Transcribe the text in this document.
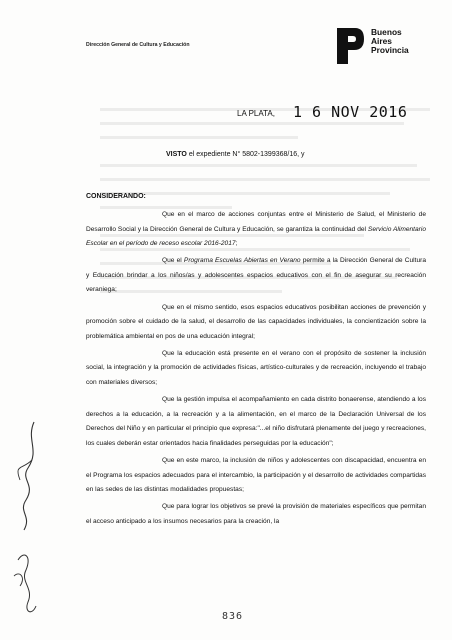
Dirección General de Cultura y Educación
Buenos
Aires
Provincia
LA PLATA, 1 6 NOV 2016
VISTO el expediente N° 5802-1399368/16, y
CONSIDERANDO:

Que en el marco de acciones conjuntas entre el Ministerio de Salud, el Ministerio de Desarrollo Social y la Dirección General de Cultura y Educación, se garantiza la continuidad del Servicio Alimentario Escolar en el período de receso escolar 2016-2017;

Que el Programa Escuelas Abiertas en Verano permite a la Dirección General de Cultura y Educación brindar a los niños/as y adolescentes espacios educativos con el fin de asegurar su recreación veraniega;

Que en el mismo sentido, esos espacios educativos posibilitan acciones de prevención y promoción sobre el cuidado de la salud, el desarrollo de las capacidades individuales, la concientización sobre la problemática ambiental en pos de una educación integral;

Que la educación está presente en el verano con el propósito de sostener la inclusión social, la integración y la promoción de actividades físicas, artístico-culturales y de recreación, incluyendo el trabajo con materiales diversos;

Que la gestión impulsa el acompañamiento en cada distrito bonaerense, atendiendo a los derechos a la educación, a la recreación y a la alimentación, en el marco de la Declaración Universal de los Derechos del Niño y en particular el principio que expresa:"...el niño disfrutará plenamente del juego y recreaciones, los cuales deberán estar orientados hacia finalidades perseguidas por la educación";

Que en este marco, la inclusión de niños y adolescentes con discapacidad, encuentra en el Programa los espacios adecuados para el intercambio, la participación y el desarrollo de actividades compartidas en las sedes de las distintas modalidades propuestas;

Que para lograr los objetivos se prevé la provisión de materiales específicos que permitan el acceso anticipado a los insumos necesarios para la creación, la

836
